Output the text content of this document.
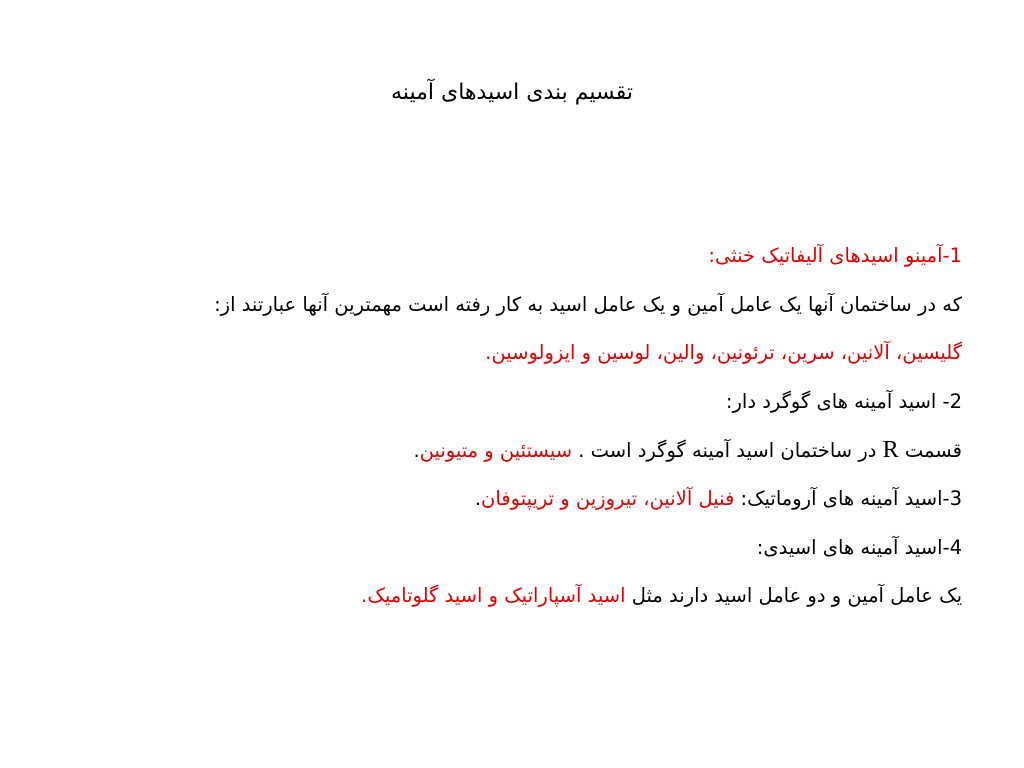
تقسیم بندی اسیدهای آمینه
1-آمینو اسیدهای آلیفاتیک خنثی:
که در ساختمان آنها یک عامل آمین و یک عامل اسید به کار رفته است مهمترین آنها عبارتند از:
گلیسین، آلانین، سرین، ترئونین، والین، لوسین و ایزولوسین.
2- اسید آمینه های گوگرد دار:
قسمت R در ساختمان اسید آمینه گوگرد است . سیستئین و متیونین.
3-اسید آمینه های آروماتیک: فنیل آلانین، تیروزین و تریپتوفان.
4-اسید آمینه های اسیدی:
یک عامل آمین و دو عامل اسید دارند مثل اسید آسپاراتیک و اسید گلوتامیک.
